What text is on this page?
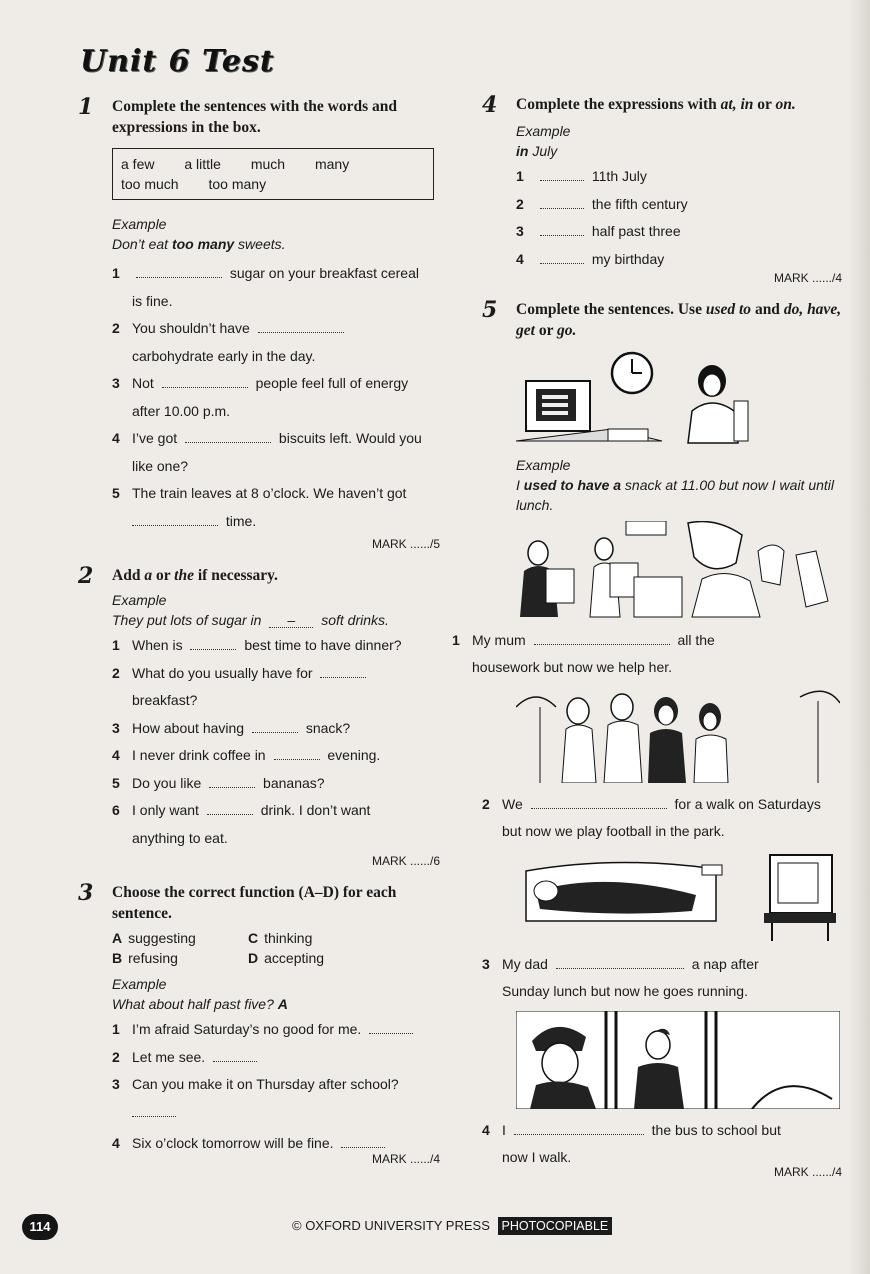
Unit 6 Test
1 Complete the sentences with the words and expressions in the box.
a few a little much many
too much too many
Example
Don’t eat too many sweets.
1	sugar on your breakfast cereal
is fine.
2 You shouldn’t have
carbohydrate early in the day.
3 Not	people feel full of energy
after 10.00 p.m.
4 I’ve got	biscuits left. Would you
like one?
5 The train leaves at 8 o’clock. We haven’t got
time.
MARK ....../5
2 Add a or the if necessary.
Example
They put lots of sugar in – soft drinks.
1 When is	best time to have dinner?
2 What do you usually have for
breakfast?
3 How about having	snack?
4 I never drink coffee in	evening.
5 Do you like	bananas?
6 I only want	drink. I don’t want
anything to eat.
MARK ....../6
3 Choose the correct function (A–D) for each sentence.
A suggesting	C thinking
B refusing	D accepting
Example
What about half past five? A
1 I’m afraid Saturday’s no good for me.
2 Let me see.
3 Can you make it on Thursday after school?

4 Six o’clock tomorrow will be fine.
MARK ....../4
4 Complete the expressions with at, in or on.
Example
in July
1	11th July
2	the fifth century
3	half past three
4	my birthday
MARK ....../4
5 Complete the sentences. Use used to and do, have, get or go.
Example
I used to have a snack at 11.00 but now I wait until lunch.
1 My mum	all the
housework but now we help her.
2 We	for a walk on Saturdays
but now we play football in the park.
3 My dad	a nap after
Sunday lunch but now he goes running.
4 I	the bus to school but
now I walk.
MARK ....../4
114	© OXFORD UNIVERSITY PRESS PHOTOCOPIABLE
